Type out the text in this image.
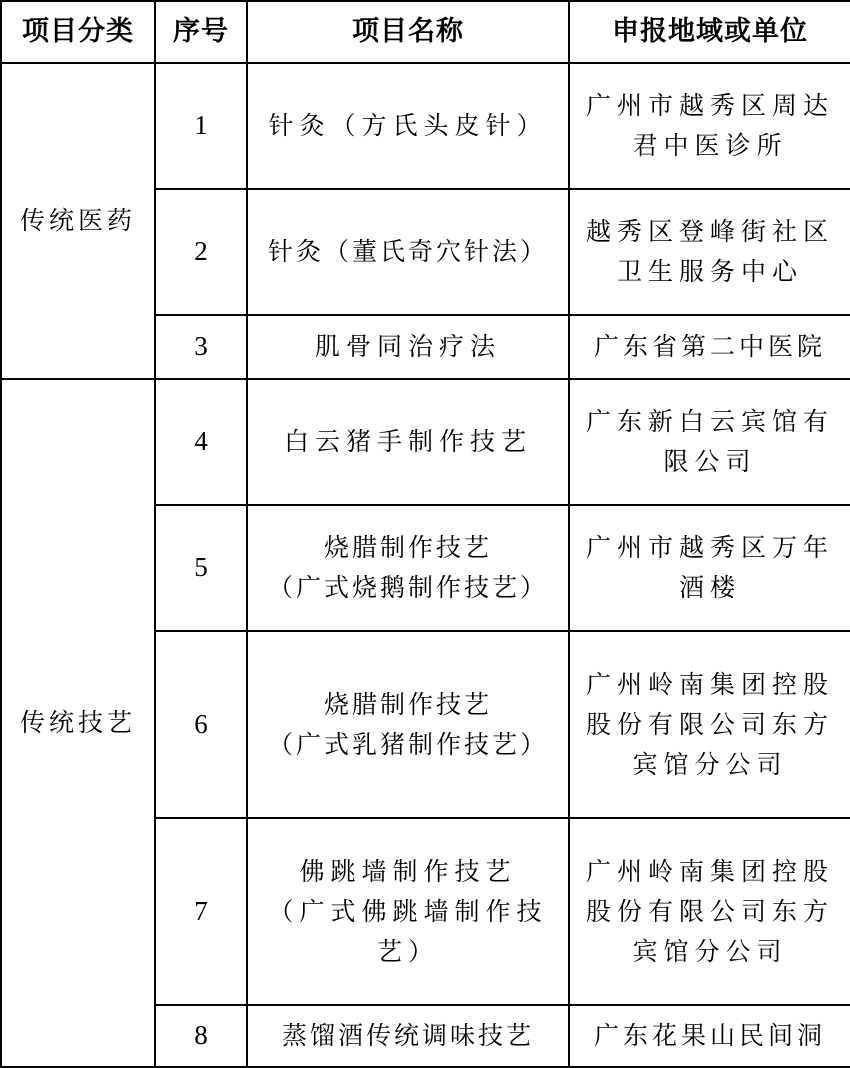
项目分类	序号	项目名称	申报地域或单位
传统医药	1	针灸（方氏头皮针）	广州市越秀区周达
君中医诊所
	2	针灸（董氏奇穴针法）	越秀区登峰街社区
卫生服务中心
	3	肌骨同治疗法	广东省第二中医院
传统技艺	4	白云猪手制作技艺	广东新白云宾馆有
限公司
	5	烧腊制作技艺
（广式烧鹅制作技艺）	广州市越秀区万年
酒楼
	6	烧腊制作技艺
（广式乳猪制作技艺）	广州岭南集团控股
股份有限公司东方
宾馆分公司
	7	佛跳墙制作技艺
（广式佛跳墙制作技
艺）	广州岭南集团控股
股份有限公司东方
宾馆分公司
	8	蒸馏酒传统调味技艺	广东花果山民间洞
